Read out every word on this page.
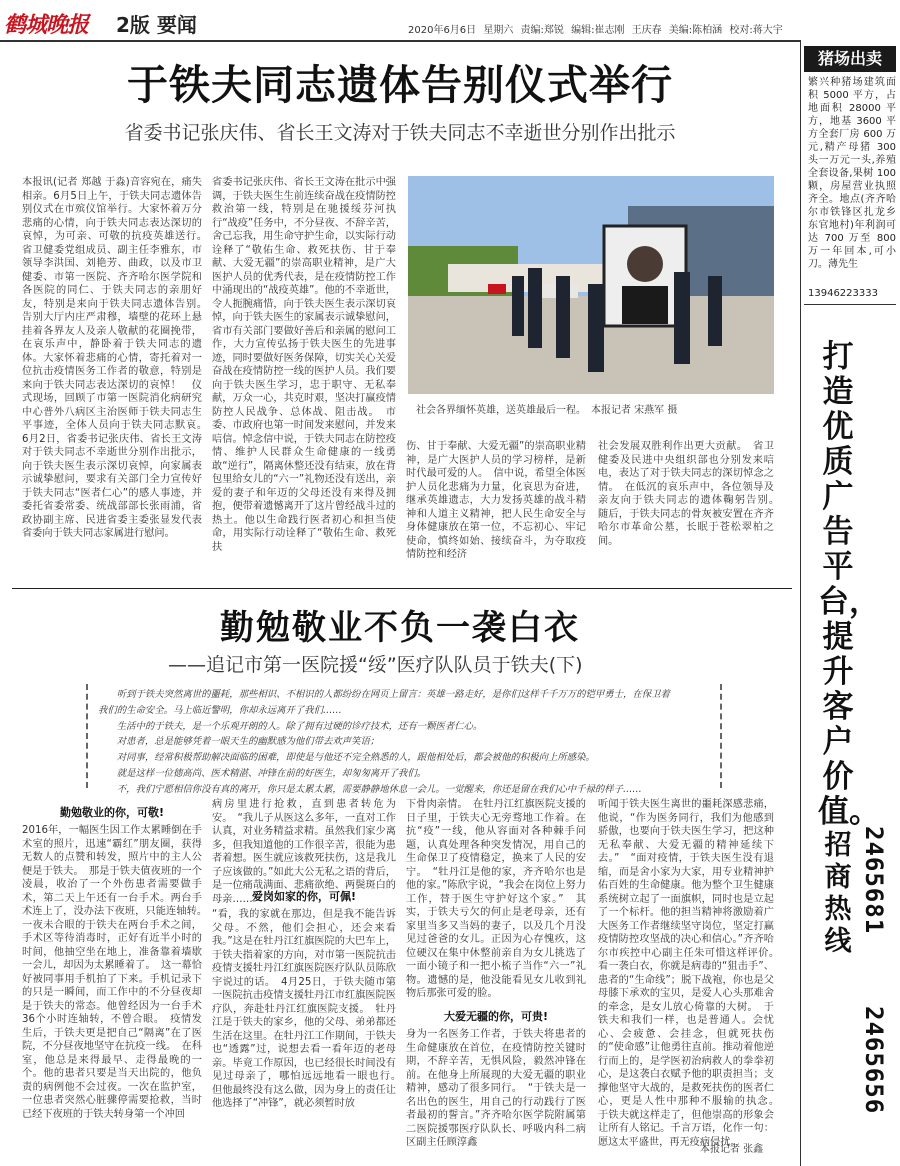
鹤城晚报	2版 要闻	2020年6月6日 星期六 责编:郑锐 编辑:崔志刚 王庆春 美编:陈柏涵 校对:蒋大宇
猪场出卖
繁兴种猪场建筑面积 5000 平方，占地面积 28000 平方，地基 3600 平方全套厂房 600 万元,精产母猪 300 头一万元一头,养殖全套设备,果树 100 颗，房屋营业执照齐全。地点(齐齐哈尔市铁锋区扎龙乡东官地村)年利润可达 700 万至 800 万一年回本,可小刀。薄先生
13946223333
打造优质广告平台，提升客户价值。
招商热线
2465681
2465656
于铁夫同志遗体告别仪式举行
省委书记张庆伟、省长王文涛对于铁夫同志不幸逝世分别作出批示
本报讯(记者 郑越 于淼)音容宛在，痛失相亲。6月5日上午，于铁夫同志遗体告别仪式在市殡仪馆举行。大家怀着万分悲痛的心情，向于铁夫同志表达深切的哀悼，为可亲、可敬的抗疫英雄送行。　省卫健委党组成员、副主任李雅东，市领导李洪国、刘艳芳、曲政，以及市卫健委、市第一医院、齐齐哈尔医学院和各医院的同仁、于铁夫同志的亲朋好友，特别是来向于铁夫同志遗体告别。　告别大厅内庄严肃穆，墙壁的花环上悬挂着各界友人及亲人敬献的花圈挽带，在哀乐声中，静卧着于铁夫同志的遗体。大家怀着悲痛的心情，寄托着对一位抗击疫情医务工作者的敬意，特别是来向于铁夫同志表达深切的哀悼！　仪式现场，回顾了市第一医院消化病研究中心普外八病区主治医师于铁夫同志生平事迹，全体人员向于铁夫同志默哀。　6月2日，省委书记张庆伟、省长王文涛对于铁夫同志不幸逝世分别作出批示，向于铁夫医生表示深切哀悼，向家属表示诚挚慰问，要求有关部门全力宣传好于铁夫同志“医者仁心”的感人事迹，并委托省委常委、统战部部长张雨浦，省政协副主席、民进省委主委张显发代表省委向于铁夫同志家属进行慰问。
省委书记张庆伟、省长王文涛在批示中强调，于铁夫医生生前连续奋战在疫情防控救治第一线，特别是在驰援绥芬河执行“战疫”任务中，不分昼夜、不辞辛苦，舍己忘我，用生命守护生命，以实际行动诠释了“敬佑生命、救死扶伤、甘于奉献、大爱无疆”的崇高职业精神，是广大医护人员的优秀代表，是在疫情防控工作中涌现出的“战疫英雄”。他的不幸逝世，令人扼腕痛惜，向于铁夫医生表示深切哀悼，向于铁夫医生的家属表示诚挚慰问，省市有关部门要做好善后和亲属的慰问工作，大力宣传弘扬于铁夫医生的先进事迹，同时要做好医务保障，切实关心关爱奋战在疫情防控一线的医护人员。我们要向于铁夫医生学习，忠于职守、无私奉献，万众一心，共克时艰，坚决打赢疫情防控人民战争、总体战、阻击战。　市委、市政府也第一时间发来慰问，并发来唁信。悼念信中说，于铁夫同志在防控疫情、维护人民群众生命健康的一线勇敢“逆行”，隔离休整还没有结束，放在背包里给女儿的“六一”礼物还没有送出，亲爱的妻子和年迈的父母还没有来得及拥抱，便带着遗憾离开了这片曾经战斗过的热土。他以生命践行医者初心和担当使命，用实际行动诠释了“敬佑生命、救死扶
社会各界缅怀英雄，送英雄最后一程。　本报记者 宋燕军 摄
伤、甘于奉献、大爱无疆”的崇高职业精神，是广大医护人员的学习榜样，是新时代最可爱的人。　信中说，希望全体医护人员化悲痛为力量，化哀思为奋进，继承英雄遗志，大力发扬英雄的战斗精神和人道主义精神，把人民生命安全与身体健康放在第一位，不忘初心、牢记使命，慎终如始、接续奋斗，为夺取疫情防控和经济
社会发展双胜利作出更大贡献。　省卫健委及民进中央组织部也分别发来唁电，表达了对于铁夫同志的深切悼念之情。　在低沉的哀乐声中，各位领导及亲友向于铁夫同志的遗体鞠躬告别。　随后，于铁夫同志的骨灰被安置在齐齐哈尔市革命公墓，长眠于苍松翠柏之间。
勤勉敬业不负一袭白衣
——追记市第一医院援“绥”医疗队队员于铁夫(下)

听到于铁夫突然离世的噩耗，那些相识、不相识的人都纷纷在网页上留言：英雄一路走好，是你们这样千千万万的铠甲勇士，在保卫着

我们的生命安全。马上临近警明，你却永远离开了我们……

生活中的于铁夫，是一个乐观开朗的人。除了拥有过硬的诊疗技术，还有一颗医者仁心。

对患者，总是能够凭着一眼天生的幽默感为他们带去欢声笑语；

对同事，经常积极帮助解决面临的困难，即使是与他还不完全熟悉的人，跟他相处后，都会被他的积极向上所感染。

就是这样一位德高尚、医术精湛、冲锋在前的好医生，却匆匆离开了我们。

不，我们宁愿相信你没有真的离开，你只是太累太累，需要静静地休息一会儿。一觉醒来，你还是留在我们心中千禄的样子……

勤勉敬业的你，可敬!
2016年，一幅医生因工作太累睡倒在手术室的照片，迅速“霸红”朋友圈，获得无数人的点赞和转发，照片中的主人公便是于铁夫。　那是于铁夫值夜班的一个凌晨，收治了一个外伤患者需要做手术，第二天上午还有一台手术。两台手术连上了，没办法下夜班，只能连轴转。　一夜未合眼的于铁夫在两台手术之间，手术区等待消毒时，正好有近半小时的时间，他抽空坐在地上，准备靠着墙歇一会儿，却因为太累睡着了。　这一幕恰好被同事用手机拍了下来。手机记录下的只是一瞬间，而工作中的不分昼夜却是于铁夫的常态。他曾经因为一台手术36个小时连轴转，不曾合眼。　疫情发生后，于铁夫更是把自己“隔离”在了医院，不分昼夜地坚守在抗疫一线。　在科室，他总是来得最早、走得最晚的一个。他的患者只要是当天出院的，他负责的病例他不会过夜。一次在监护室，一位患者突然心脏骤停需要抢救，当时已经下夜班的于铁夫转身第一个冲回
病房里进行抢救，直到患者转危为安。　“我儿子从医这么多年，一直对工作认真，对业务精益求精。虽然我们家少离多，但我知道他的工作很辛苦，很能为患者着想。医生就应该救死扶伤，这是我儿子应该做的。”如此大公无私之语的背后，是一位痛哉满面、悲痛欲绝、两鬓斑白的母亲…… 爱岗如家的你，可佩!
“看，我的家就在那边，但是我不能告诉父母。不然，他们会担心，还会来看我。”这是在牡丹江红旗医院的大巴车上，于铁夫指着家的方向，对市第一医院抗击疫情支援牡丹江红旗医院医疗队队员陈欣宇说过的话。　4月25日，于铁夫随市第一医院抗击疫情支援牡丹江市红旗医院医疗队，奔赴牡丹江红旗医院支援。　牡丹江是于铁夫的家乡，他的父母、弟弟都还生活在这里。在牡丹江工作期间，于铁夫也“透露”过，说想去看一看年迈的老母亲。毕竟工作原因，也已经很长时间没有见过母亲了，哪怕远远地看一眼也行。　但他最终没有这么做，因为身上的责任让他选择了“冲锋”，就必须暂时放
下骨肉亲情。　在牡丹江红旗医院支援的日子里，于铁夫心无旁骛地工作着。在抗“疫”一线，他从容面对各种棘手问题，认真处理各种突发情况，用自己的生命保卫了疫情稳定，换来了人民的安宁。　“牡丹江是他的家，齐齐哈尔也是他的家。”陈欣宇说，“我会在岗位上努力工作，替于医生守护好这个家。”　其实，于铁夫亏欠的何止是老母亲，还有家里当多又当妈的妻子，以及几个月没见过爸爸的女儿。正因为心存愧疚，这位硬汉在集中休整前亲自为女儿挑选了一面小镜子和一把小梳子当作“六一”礼物。遗憾的是，他没能看见女儿收到礼物后那张可爱的脸。
大爱无疆的你，可贵!
身为一名医务工作者，于铁夫将患者的生命健康放在首位，在疫情防控关键时期，不辞辛苦，无惧风险，毅然冲锋在前。在他身上所展现的大爱无疆的职业精神，感动了很多同行。　“于铁夫是一名出色的医生，用自己的行动践行了医者最初的誓言。”齐齐哈尔医学院附属第二医院援鄂医疗队队长、呼吸内科二病区副主任顾淳鑫
听闻于铁夫医生离世的噩耗深感悲痛，他说，“作为医务同行，我们为他感到骄傲，也要向于铁夫医生学习，把这种无私奉献、大爱无疆的精神延续下去。”　“面对疫情，于铁夫医生没有退缩，而是舍小家为大家，用专业精神护佑百姓的生命健康。他为整个卫生健康系统树立起了一面旗帜，同时也是立起了一个标杆。他的担当精神将激励着广大医务工作者继续坚守岗位，坚定打赢疫情防控攻坚战的决心和信心。”齐齐哈尔市疾控中心副主任朱可惜这样评价。　看一袭白衣，你就是病毒的“狙击手”、患者的“生命线”；脱下战袍，你也是父母膝下承欢的宝贝，是爱人心头那难舍的牵念，是女儿放心倚靠的大树。　于铁夫和我们一样，也是普通人。会忧心、会疲惫、会挂念，但就死扶伤的“使命感”让他勇往直前。推动着他逆行而上的，是学医初治病救人的拳拳初心，是这袭白衣赋予他的职责担当；支撑他坚守大战的，是救死扶伤的医者仁心，更是人性中那种不服输的执念。　于铁夫就这样走了，但他崇高的形象会让所有人铭记。千言万语，化作一句：愿这太平盛世，再无疫病侵扰。
本报记者 张鑫
